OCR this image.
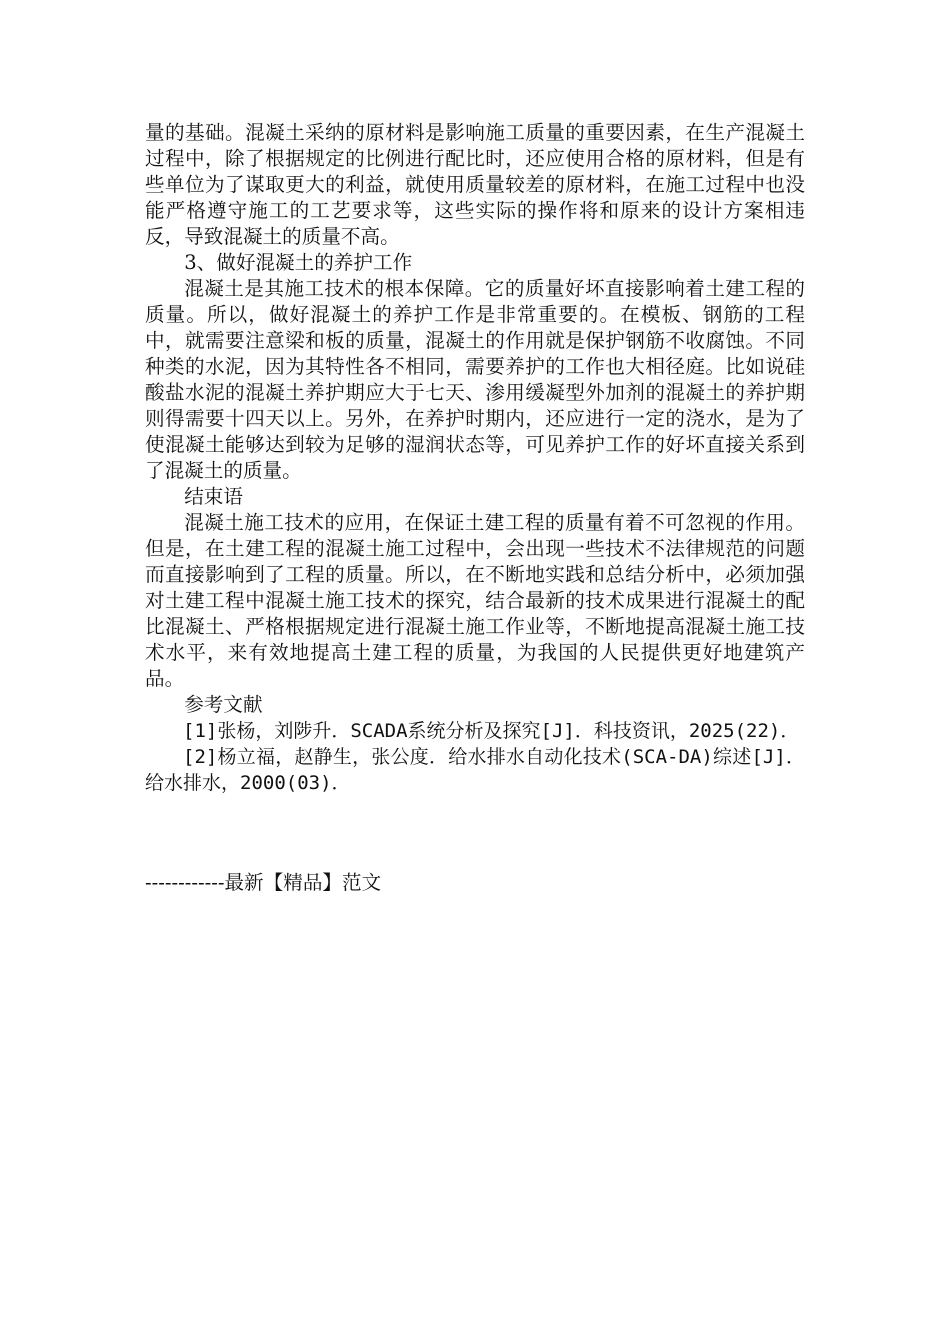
量的基础。混凝土采纳的原材料是影响施工质量的重要因素，在生产混凝土过程中，除了根据规定的比例进行配比时，还应使用合格的原材料，但是有些单位为了谋取更大的利益，就使用质量较差的原材料，在施工过程中也没能严格遵守施工的工艺要求等，这些实际的操作将和原来的设计方案相违反，导致混凝土的质量不高。

3、做好混凝土的养护工作

混凝土是其施工技术的根本保障。它的质量好坏直接影响着土建工程的质量。所以，做好混凝土的养护工作是非常重要的。在模板、钢筋的工程中，就需要注意梁和板的质量，混凝土的作用就是保护钢筋不收腐蚀。不同种类的水泥，因为其特性各不相同，需要养护的工作也大相径庭。比如说硅酸盐水泥的混凝土养护期应大于七天、渗用缓凝型外加剂的混凝土的养护期则得需要十四天以上。另外，在养护时期内，还应进行一定的浇水，是为了使混凝土能够达到较为足够的湿润状态等，可见养护工作的好坏直接关系到了混凝土的质量。

结束语

混凝土施工技术的应用，在保证土建工程的质量有着不可忽视的作用。但是，在土建工程的混凝土施工过程中，会出现一些技术不法律规范的问题而直接影响到了工程的质量。所以，在不断地实践和总结分析中，必须加强对土建工程中混凝土施工技术的探究，结合最新的技术成果进行混凝土的配比混凝土、严格根据规定进行混凝土施工作业等，不断地提高混凝土施工技术水平，来有效地提高土建工程的质量，为我国的人民提供更好地建筑产品。

参考文献

[1]张杨，刘陟升．SCADA系统分析及探究[J]．科技资讯，2025(22)．

[2]杨立福，赵静生，张公度．给水排水自动化技术(SCA-DA)综述[J]．给水排水，2000(03)．

------------最新【精品】范文
